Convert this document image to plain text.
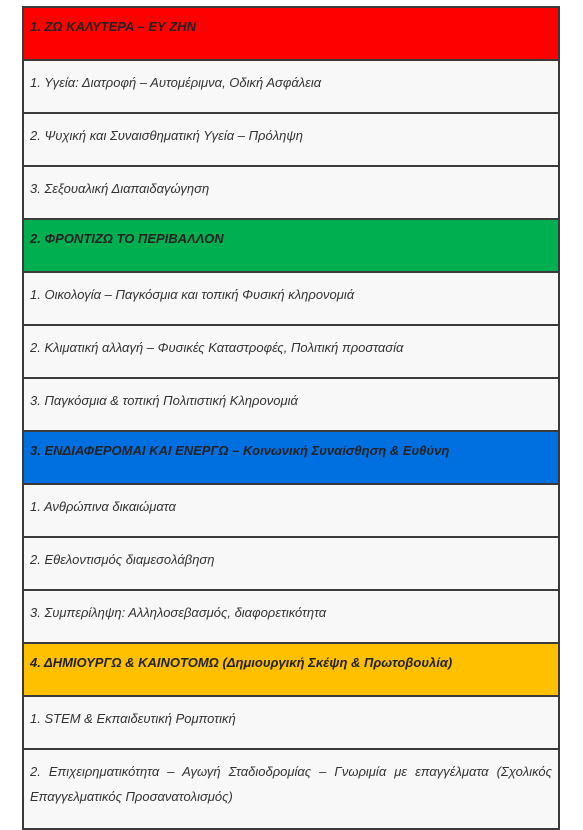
1. ΖΩ ΚΑΛΥΤΕΡΑ – ΕΥ ΖΗΝ
1. Υγεία: Διατροφή – Αυτομέριμνα, Οδική Ασφάλεια
2. Ψυχική και Συναισθηματική Υγεία – Πρόληψη
3. Σεξουαλική Διαπαιδαγώγηση
2. ΦΡΟΝΤΙΖΩ ΤΟ ΠΕΡΙΒΑΛΛΟΝ
1. Οικολογία – Παγκόσμια και τοπική Φυσική κληρονομιά
2. Κλιματική αλλαγή – Φυσικές Καταστροφές, Πολιτική προστασία
3. Παγκόσμια & τοπική Πολιτιστική Κληρονομιά
3. ΕΝΔΙΑΦΕΡΟΜΑΙ ΚΑΙ ΕΝΕΡΓΩ – Κοινωνική Συναίσθηση & Ευθύνη
1. Ανθρώπινα δικαιώματα
2. Εθελοντισμός διαμεσολάβηση
3. Συμπερίληψη: Αλληλοσεβασμός, διαφορετικότητα
4. ΔΗΜΙΟΥΡΓΩ & ΚΑΙΝΟΤΟΜΩ (Δημιουργική Σκέψη & Πρωτοβουλία)
1. STEM & Εκπαιδευτική Ρομποτική
2. Επιχειρηματικότητα – Αγωγή Σταδιοδρομίας – Γνωριμία με επαγγέλματα (Σχολικός Επαγγελματικός Προσανατολισμός)
